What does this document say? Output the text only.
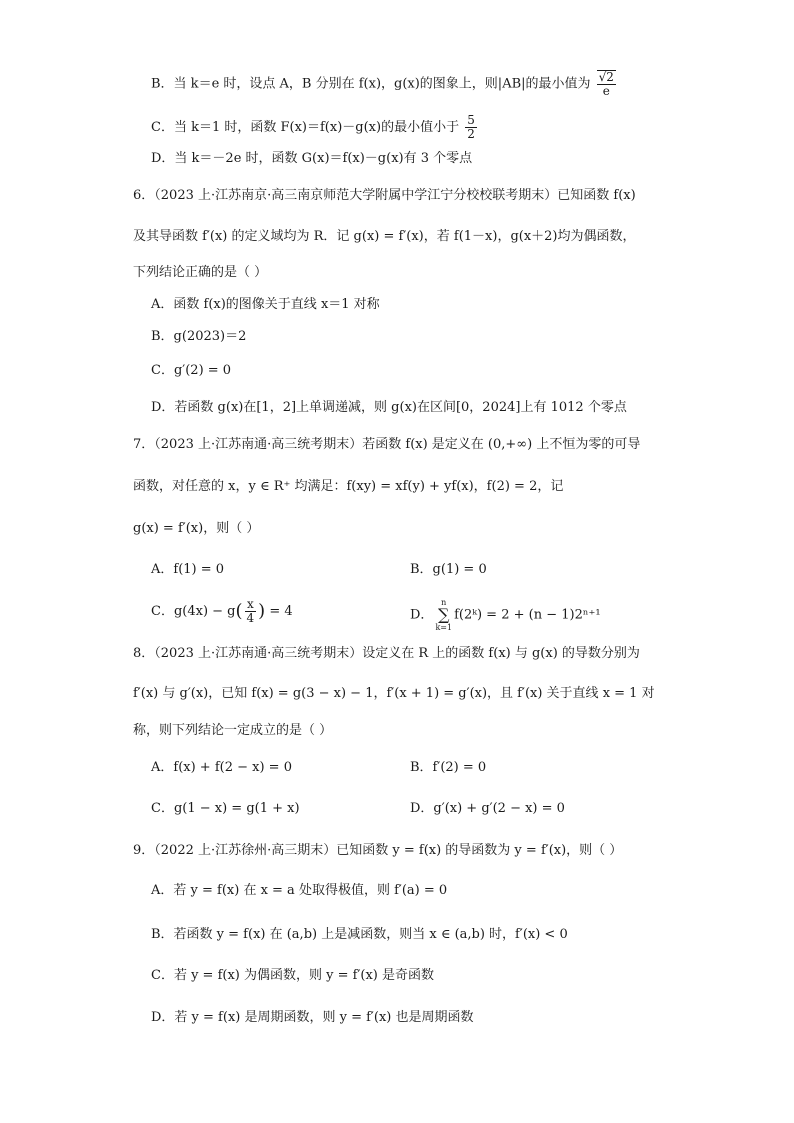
B．当 k＝e 时，设点 A，B 分别在 f(x)，g(x)的图象上，则|AB|的最小值为 $\frac{√2}{e}$
C．当 k＝1 时，函数 F(x)＝f(x)－g(x)的最小值小于 $\frac{5}{2}$
D．当 k＝－2e 时，函数 G(x)＝f(x)－g(x)有 3 个零点
6．（2023 上·江苏南京·高三南京师范大学附属中学江宁分校校联考期末）已知函数 f(x)
及其导函数 f′(x) 的定义域均为 R．记 g(x) = f′(x)，若 f(1－x)，g(x＋2)均为偶函数，
下列结论正确的是（ ）
A．函数 f(x)的图像关于直线 x＝1 对称
B．g(2023)＝2
C．g′(2) = 0
D．若函数 g(x)在[1，2]上单调递减，则 g(x)在区间[0，2024]上有 1012 个零点
7．（2023 上·江苏南通·高三统考期末）若函数 f(x) 是定义在 (0,+∞) 上不恒为零的可导
函数，对任意的 x，y ∈ R⁺ 均满足：f(xy) = xf(y) + yf(x)，f(2) = 2，记
g(x) = f′(x)，则（ ）
A．f(1) = 0	B．g(1) = 0
C．$g(4x) - g( \frac{x}{4}$ ) = 4	D．n
∑
k=1f(2ᵏ) = 2 + (n − 1)2ⁿ⁺¹
8．（2023 上·江苏南通·高三统考期末）设定义在 R 上的函数 f(x) 与 g(x) 的导数分别为
f′(x) 与 g′(x)，已知 f(x) = g(3 − x) − 1，f′(x + 1) = g′(x)，且 f′(x) 关于直线 x = 1 对
称，则下列结论一定成立的是（ ）
A．f(x) + f(2 − x) = 0	B．f′(2) = 0
C．g(1 − x) = g(1 + x)	D．g′(x) + g′(2 − x) = 0
9．（2022 上·江苏徐州·高三期末）已知函数 y = f(x) 的导函数为 y = f′(x)，则（ ）
A．若 y = f(x) 在 x = a 处取得极值，则 f′(a) = 0
B．若函数 y = f(x) 在 (a,b) 上是减函数，则当 x ∈ (a,b) 时，f′(x) < 0
C．若 y = f(x) 为偶函数，则 y = f′(x) 是奇函数
D．若 y = f(x) 是周期函数，则 y = f′(x) 也是周期函数
